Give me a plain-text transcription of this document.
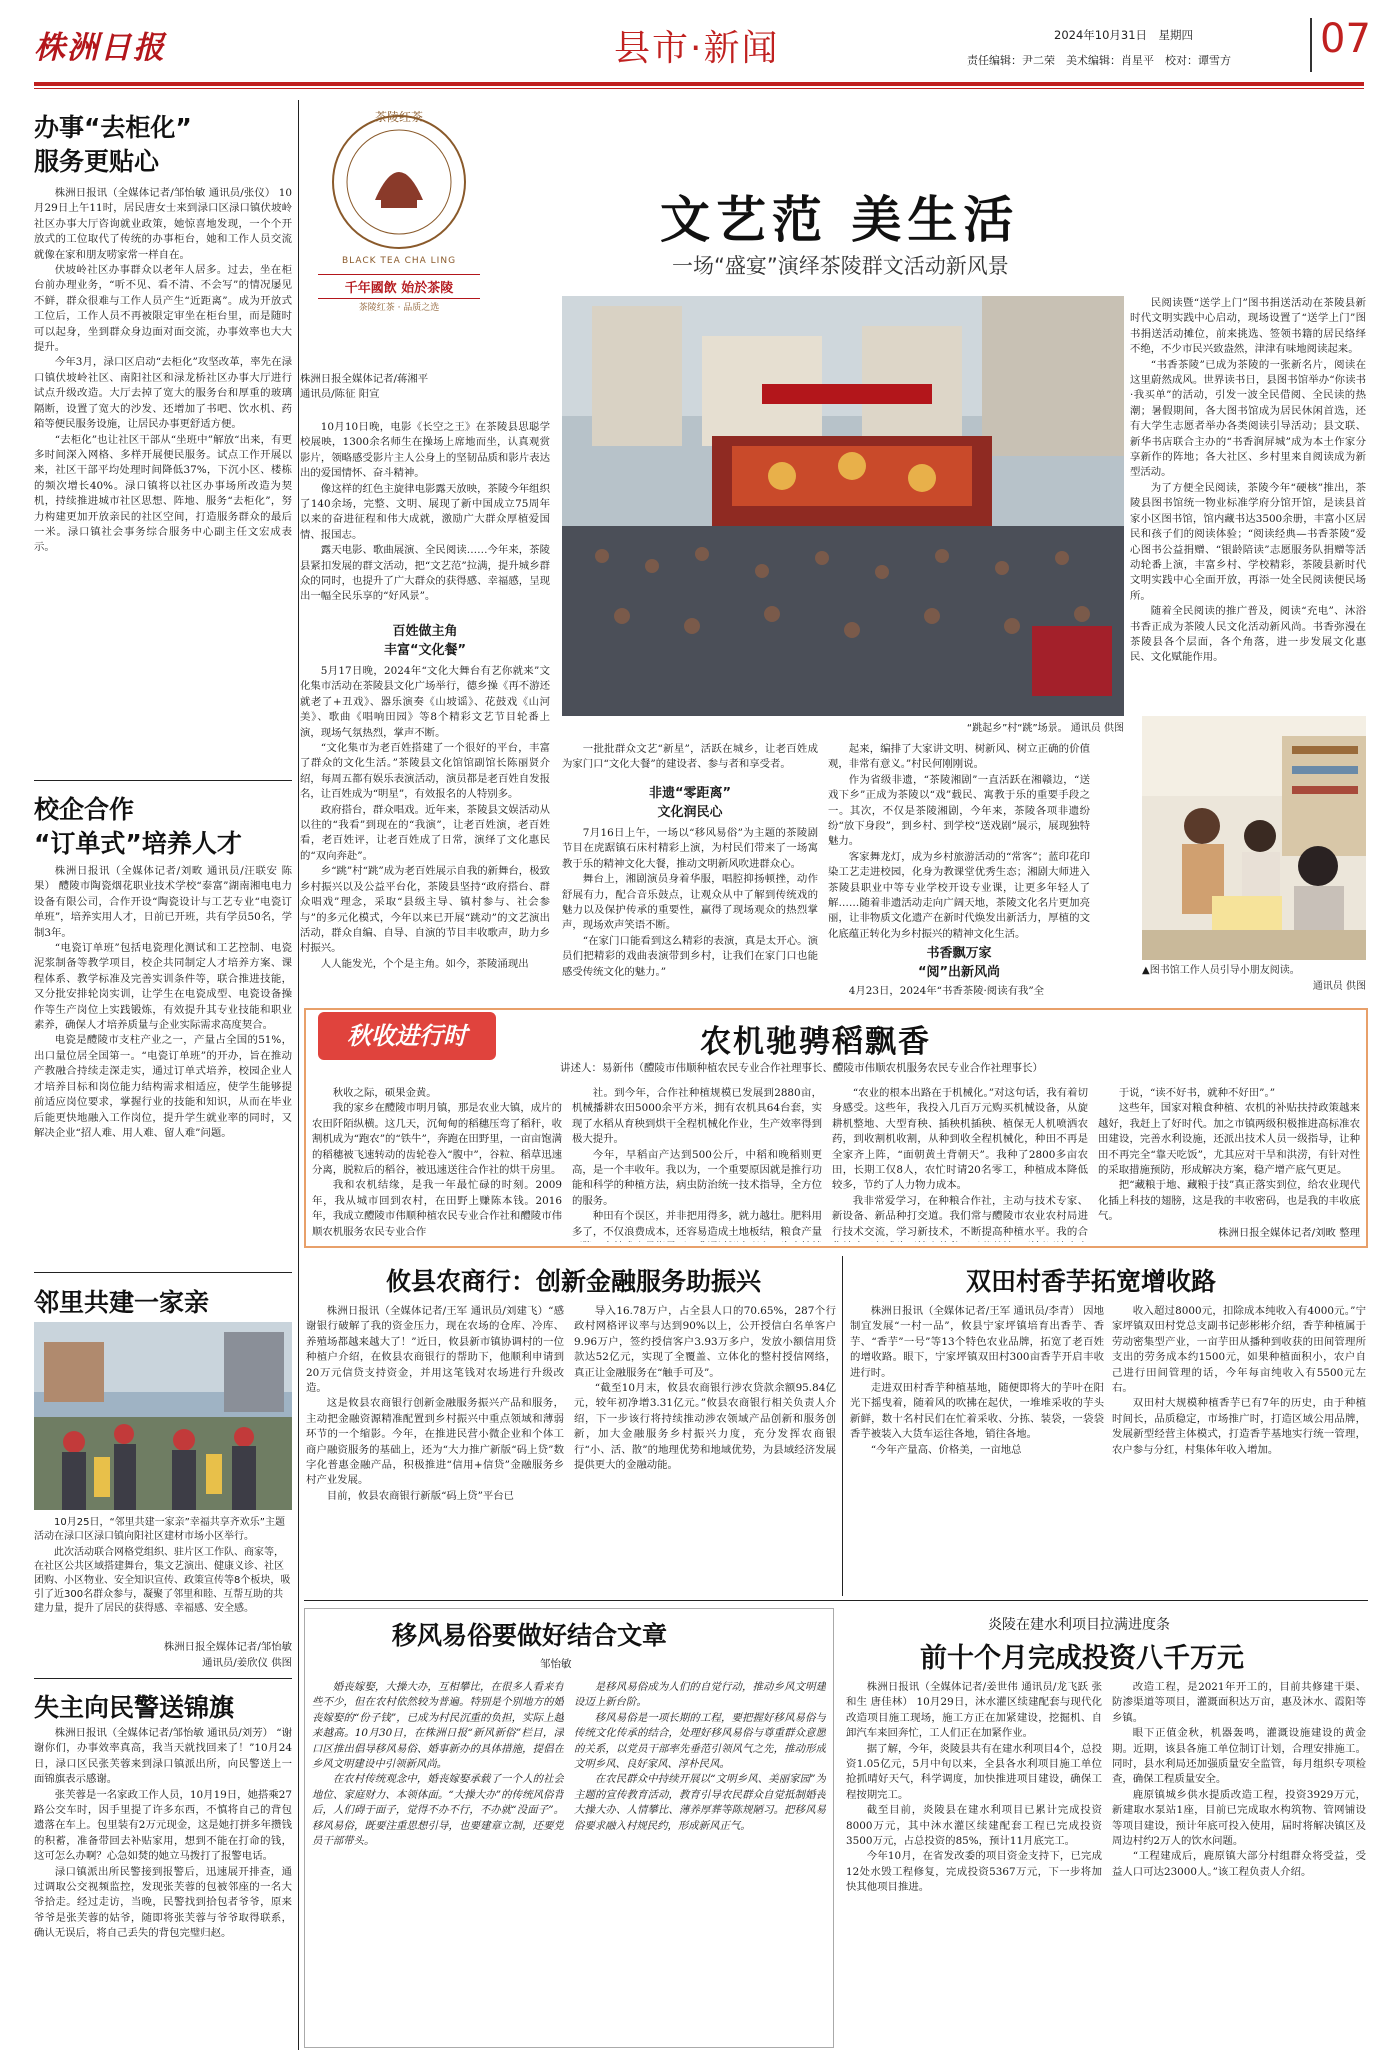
株洲日报	县市·新闻	2024年10月31日　星期四
责任编辑：尹二荣　美术编辑：肖星平　校对：谭雪方 07
办事“去柜化”
服务更贴心

株洲日报讯（全媒体记者/邹怡敏 通讯员/张仪） 10月29日上午11时，居民唐女士来到渌口区渌口镇伏坡岭社区办事大厅咨询就业政策，她惊喜地发现，一个个开放式的工位取代了传统的办事柜台，她和工作人员交流就像在家和朋友唠家常一样自在。

伏坡岭社区办事群众以老年人居多。过去，坐在柜台前办理业务，“听不见、看不清、不会写”的情况屡见不鲜，群众很难与工作人员产生“近距离”。成为开放式工位后，工作人员不再被限定审坐在柜台里，而是随时可以起身，坐到群众身边面对面交流，办事效率也大大提升。

今年3月，渌口区启动“去柜化”攻坚改革，率先在渌口镇伏坡岭社区、南阳社区和渌龙桥社区办事大厅进行试点升级改造。大厅去掉了宽大的服务台和厚重的玻璃隔断，设置了宽大的沙发、还增加了书吧、饮水机、药箱等便民服务设施，让居民办事更舒适方便。

“去柜化”也让社区干部从“坐班中”解放“出来，有更多时间深入网格、多样开展便民服务。试点工作开展以来，社区干部平均处理时间降低37%，下沉小区、楼栋的频次增长40%。渌口镇将以社区办事场所改造为契机，持续推进城市社区思想、阵地、服务“去柜化”，努力构建更加开放亲民的社区空间，打造服务群众的最后一米。渌口镇社会事务综合服务中心副主任文宏成表示。

校企合作
“订单式”培养人才

株洲日报讯（全媒体记者/刘畋 通讯员/汪联安 陈果） 醴陵市陶瓷烟花职业技术学校“泰富”湖南湘电电力设备有限公司，合作开设“陶瓷设计与工艺专业“电瓷订单班”，培养实用人才，日前已开班，共有学员50名，学制3年。

“电瓷订单班”包括电瓷理化测试和工艺控制、电瓷泥浆制备等教学项目，校企共同制定人才培养方案、课程体系、教学标准及完善实训条件等，联合推进技能，又分批安排轮岗实训，让学生在电瓷成型、电瓷设备操作等生产岗位上实践锻炼，有效提升其专业技能和职业素养，确保人才培养质量与企业实际需求高度契合。

电瓷是醴陵市支柱产业之一，产量占全国的51%，出口量位居全国第一。“电瓷订单班”的开办，旨在推动产教融合持续走深走实，通过订单式培养，校园企业人才培养目标和岗位能力结构需求相适应，使学生能够提前适应岗位要求，掌握行业的技能和知识，从而在毕业后能更快地融入工作岗位，提升学生就业率的同时，又解决企业“招人难、用人难、留人难”问题。

邻里共建一家亲
10月25日，“邻里共建一家亲”幸福共享齐欢乐”主题活动在渌口区渌口镇向阳社区建材市场小区举行。
此次活动联合网格党组织、驻片区工作队、商家等，在社区公共区域搭建舞台，集文艺演出、健康义诊、社区团购、小区物业、安全知识宣传、政策宣传等8个板块，吸引了近300名群众参与，凝聚了邻里和睦、互帮互助的共建力量，提升了居民的获得感、幸福感、安全感。
株洲日报全媒体记者/邹怡敏
通讯员/姜欣仪 供图
失主向民警送锦旗

株洲日报讯（全媒体记者/邹怡敏 通讯员/刘芳） “谢谢你们，办事效率真高，我当天就找回来了！”10月24日，渌口区民张芙蓉来到渌口镇派出所，向民警送上一面锦旗表示感谢。

张芙蓉是一名家政工作人员，10月19日，她搭乘27路公交车时，因手里提了许多东西，不慎将自己的背包遗落在车上。包里装有2万元现金，这是她打拼多年攒钱的积蓄，准备带回去补贴家用，想到不能在打命的钱，这可怎么办啊？心急如焚的她立马拨打了报警电话。

渌口镇派出所民警接到报警后，迅速展开排查，通过调取公交视频监控，发现张芙蓉的包被邻座的一名大爷拾走。经过走访，当晚，民警找到拾包者爷爷，原来爷爷是张芙蓉的姑爷，随即将张芙蓉与爷爷取得联系，确认无误后，将自己丢失的背包完璧归赵。

茶陵红茶
BLACK TEA CHA LING
千年國飲 始於茶陵
茶陵红茶 · 品质之选
文艺范 美生活
一场“盛宴”演绎茶陵群文活动新风景
株洲日报全媒体记者/蒋湘平
通讯员/陈征 阳宣

10月10日晚，电影《长空之王》在茶陵县思聪学校展映，1300余名师生在操场上席地而坐，认真观赏影片，领略感受影片主人公身上的坚韧品质和影片表达出的爱国情怀、奋斗精神。

像这样的红色主旋律电影露天放映，茶陵今年组织了140余场，完整、文明、展现了新中国成立75周年以来的奋进征程和伟大成就，激励广大群众厚植爱国情、报国志。

露天电影、歌曲展演、全民阅读……今年来，茶陵县紧扣发展的群文活动，把“文艺范”拉满，提升城乡群众的同时，也提升了广大群众的获得感、幸福感，呈现出一幅全民乐享的“好风景”。

百姓做主角
丰富“文化餐”

5月17日晚，2024年“文化大舞台有艺你就来”文化集市活动在茶陵县文化广场举行，德乡操《再不游还就老了+丑戏》、器乐演奏《山坡谣》、花鼓戏《山河美》、歌曲《唱响田园》等8个精彩文艺节目轮番上演，现场气氛热烈，掌声不断。

“文化集市为老百姓搭建了一个很好的平台，丰富了群众的文化生活。”茶陵县文化馆馆副馆长陈丽贤介绍，每周五都有娱乐表演活动，演员都是老百姓自发报名，让百姓成为“明星”，有效报名的人特别多。

政府搭台，群众唱戏。近年来，茶陵县文娱活动从以往的“我看”到现在的“我演”，让老百姓演，老百姓看，老百姓评，让老百姓成了日常，演绎了文化惠民的“双向奔赴”。

乡“跳”村“跳”成为老百姓展示自我的新舞台，极致乡村振兴以及公益平台化，茶陵县坚持“政府搭台、群众唱戏”理念，采取“县级主导、镇村参与、社会参与”的多元化模式，今年以来已开展“跳动”的文艺演出活动，群众自编、自导、自演的节目丰收歌声，助力乡村振兴。

人人能发光，个个是主角。如今，茶陵涌现出

“跳起乡”村“跳”场景。 通讯员 供图

一批批群众文艺“新星”，活跃在城乡，让老百姓成为家门口“文化大餐”的建设者、参与者和享受者。

非遗“零距离”
文化润民心

7月16日上午，一场以“移风易俗”为主题的茶陵剧节目在虎踞镇石床村精彩上演，为村民们带来了一场寓教于乐的精神文化大餐，推动文明新风吹进群众心。

舞台上，湘剧演员身着华服，唱腔抑扬顿挫，动作舒展有力，配合音乐鼓点，让观众从中了解到传统戏的魅力以及保护传承的重要性，赢得了现场观众的热烈掌声，现场欢声笑语不断。

“在家门口能看到这么精彩的表演，真是太开心。演员们把精彩的戏曲表演带到乡村，让我们在家门口也能感受传统文化的魅力。”

起来，编排了大家讲文明、树新风、树立正确的价值观，非常有意义。”村民何刚刚说。

作为省级非遗，“茶陵湘剧”一直活跃在湘赣边，“送戏下乡”正成为茶陵以“戏”载民、寓教于乐的重要手段之一。其次，不仅是茶陵湘剧，今年来，茶陵各项非遗纷纷“放下身段”，到乡村、到学校“送戏剧”展示，展现独特魅力。

客家舞龙灯，成为乡村旅游活动的“常客”；蓝印花印染工艺走进校园，化身为教课堂优秀生态；湘剧大师进入茶陵县职业中等专业学校开设专业课，让更多年轻人了解……随着非遗活动走向广阔天地，茶陵文化名片更加亮丽，让非物质文化遗产在新时代焕发出新活力，厚植的文化底蕴正转化为乡村振兴的精神文化生活。

书香飘万家
“阅”出新风尚

4月23日，2024年“书香茶陵·阅读有我”全

民阅读暨“送学上门”图书捐送活动在茶陵县新时代文明实践中心启动，现场设置了“送学上门”图书捐送活动摊位，前来挑选、签领书籍的居民络绎不绝，不少市民兴致盎然，津津有味地阅读起来。

“书香茶陵”已成为茶陵的一张新名片，阅读在这里蔚然成风。世界读书日，县图书馆举办“你读书·我买单”的活动，引发一波全民借阅、全民读的热潮；暑假期间，各大图书馆成为居民休闲首选，还有大学生志愿者举办各类阅读引导活动；县文联、新华书店联合主办的“书香润屏城”成为本土作家分享新作的阵地；各大社区、乡村里来自阅读成为新型活动。

为了方便全民阅读，茶陵今年“硬核”推出，茶陵县图书馆统一物业标准学府分馆开馆，是读县首家小区图书馆，馆内藏书达3500余册，丰富小区居民和孩子们的阅读体验；“阅读经典—书香茶陵”爱心图书公益捐赠、“银龄陪读”志愿服务队捐赠等活动轮番上演，丰富乡村、学校精彩，茶陵县新时代文明实践中心全面开放，再添一处全民阅读便民场所。

随着全民阅读的推广普及，阅读“充电”、沐浴书香正成为茶陵人民文化活动新风尚。书香弥漫在茶陵县各个层面，各个角落，进一步发展文化惠民、文化赋能作用。

▲图书馆工作人员引导小朋友阅读。
通讯员 供图
秋收进行时	农机驰骋稻飘香
讲述人：易新伟（醴陵市伟顺种植农民专业合作社理事长、醴陵市伟顺农机服务农民专业合作社理事长）

秋收之际，硕果金黄。

我的家乡在醴陵市明月镇，那是农业大镇，成片的农田阡陌纵横。这几天，沉甸甸的稻穗压弯了稻秆，收割机成为“跑农”的“铁牛”，奔跑在田野里，一亩亩饱满的稻穗被飞速转动的齿轮卷入“腹中”，谷粒、稻草迅速分离，脱粒后的稻谷，被迅速送往合作社的烘干房里。

我和农机结缘，是我一年最忙碌的时刻。2009年，我从城市回到农村，在田野上赚陈本钱。2016年，我成立醴陵市伟顺种植农民专业合作社和醴陵市伟顺农机服务农民专业合作

社。到今年，合作社种植规模已发展到2880亩，机械播耕农田5000余平方米，拥有农机具64台套，实现了水稻从育秧到烘干全程机械化作业，生产效率得到极大提升。

今年，早稻亩产达到500公斤，中稻和晚稻则更高，是一个丰收年。我以为，一个重要原因就是推行功能和科学的种植方法，病虫防治统一技术指导，全方位的服务。

种田有个误区，并非把用得多，就力越壮。肥料用多了，不仅浪费成本，还容易造成土地板结，粮食产量

“农业的根本出路在于机械化。”对这句话，我有着切身感受。这些年，我投入几百万元购买机械设备，从旋耕机整地、大型育秧、插秧机插秧、植保无人机喷洒农药，到收割机收割，从种到收全程机械化，种田不再是全家齐上阵，“面朝黄土背朝天”。我种了2800多亩农田，长期工仅8人，农忙时请20名零工，种植成本降低较多，节约了人力物力成本。

我非常爱学习，在种粮合作社，主动与技术专家、新设备、新品种打交道。我们常与醴陵市农业农村局进行技术交流，学习新技术，不断提高种植水平。我的合

于说，“读不好书，就种不好田”。”

这些年，国家对粮食种植、农机的补贴扶持政策越来越好，我赶上了好时代。加之市镇两级积极推进高标准农田建设，完善水利设施，还派出技术人员一级指导，让种田不再完全“靠天吃饭”，尤其应对干旱和洪涝，有针对性的采取措施预防，形成解决方案，稳产增产底气更足。

把“藏粮于地、藏粮于技”真正落实到位，给农业现代化插上科技的翅膀，这是我的丰收密码，也是我的丰收底气。

株洲日报全媒体记者/刘畋 整理
攸县农商行：创新金融服务助振兴

株洲日报讯（全媒体记者/王军 通讯员/刘建飞）“感谢银行破解了我的资金压力，现在农场的仓库、冷库、养殖场都越来越大了！”近日，攸县新市镇协调村的一位种植户介绍，在攸县农商银行的帮助下，他顺利申请到20万元信贷支持资金，并用这笔钱对农场进行升级改造。

这是攸县农商银行创新金融服务振兴产品和服务，主动把金融资源精准配置到乡村振兴中重点领域和薄弱环节的一个缩影。今年，在推进民营小微企业和个体工商户融资服务的基础上，还为“大力推广新版“码上贷”数字化普惠金融产品，积极推进“信用+信贷”金融服务乡村产业发展。

目前，攸县农商银行新版“码上贷”平台已

导入16.78万户，占全县人口的70.65%，287个行政村网格评议率与达到90%以上，公开授信白名单客户9.96万户，签约授信客户3.93万多户，发放小额信用贷款达52亿元，实现了全覆盖、立体化的整村授信网络，真正让金融服务在“触手可及”。

“截至10月末，攸县农商银行涉农贷款余额95.84亿元，较年初净增3.31亿元。”攸县农商银行相关负责人介绍，下一步该行将持续推动涉农领域产品创新和服务创新，加大金融服务乡村振兴力度，充分发挥农商银行“小、活、散”的地理优势和地域优势，为县域经济发展提供更大的金融动能。

双田村香芋拓宽增收路

株洲日报讯（全媒体记者/王军 通讯员/李青） 因地制宜发展“一村一品”，攸县宁家坪镇培育出香芋、香芋、“香芋”一号”等13个特色农业品牌，拓宽了老百姓的增收路。眼下，宁家坪镇双田村300亩香芋开启丰收进行时。

走进双田村香芋种植基地，随便即将大的芋叶在阳光下摇曳着，随着风的吹拂在起伏，一堆堆采收的芋头新鲜，数十名村民们在忙着采收、分拣、装袋，一袋袋香芋被装入大货车运往各地，销往各地。

“今年产量高、价格美，一亩地总

收入超过8000元，扣除成本纯收入有4000元。”宁家坪镇双田村党总支副书记彭彬彬介绍，香芋种植属于劳动密集型产业，一亩芋田从播种到收获的田间管理所支出的劳务成本约1500元，如果种植面积小，农户自己进行田间管理的话，今年每亩纯收入有5500元左右。

双田村大规模种植香芋已有7年的历史，由于种植时间长，品质稳定，市场推广时，打造区域公用品牌，发展新型经营主体模式，打造香芋基地实行统一管理，农户参与分红，村集体年收入增加。

移风易俗要做好结合文章
邹怡敏

婚丧嫁娶，大操大办，互相攀比，在很多人看来有些不少，但在农村依然较为普遍。特别是个别地方的婚丧嫁娶的“份子钱”，已成为村民沉重的负担，实际上越来越高。10月30日，在株洲日报“新风新俗”栏目，渌口区推出倡导移风易俗、婚事新办的具体措施，提倡在乡风文明建设中引领新风尚。

在农村传统观念中，婚丧嫁娶承载了一个人的社会地位、家庭财力、本领体面。“大操大办”的传统风俗背后，人们碍于面子，觉得不办不行，不办就“没面子”。移风易俗，既要注重思想引导，也要建章立制，还要党员干部带头。

是移风易俗成为人们的自觉行动，推动乡风文明建设迈上新台阶。

移风易俗是一项长期的工程，要把握好移风易俗与传统文化传承的结合，处理好移风易俗与尊重群众意愿的关系，以党员干部率先垂范引领风气之先，推动形成文明乡风、良好家风、淳朴民风。

在农民群众中持续开展以“文明乡风、美丽家园”为主题的宣传教育活动，教育引导农民群众自觉抵制婚丧大操大办、人情攀比、薄养厚葬等陈规陋习。把移风易俗要求融入村规民约，形成新风正气。

炎陵在建水利项目拉满进度条
前十个月完成投资八千万元

株洲日报讯（全媒体记者/姜世伟 通讯员/龙飞跃 张和生 唐佳林） 10月29日，沐水灌区续建配套与现代化改造项目施工现场，施工方正在加紧建设，挖掘机、自卸汽车来回奔忙，工人们正在加紧作业。

据了解，今年，炎陵县共有在建水利项目4个，总投资1.05亿元，5月中旬以来，全县各水利项目施工单位抢抓晴好天气，科学调度，加快推进项目建设，确保工程按期完工。

截至目前，炎陵县在建水利项目已累计完成投资8000万元，其中沐水灌区续建配套工程已完成投资3500万元，占总投资的85%，预计11月底完工。

今年10月，在省发改委的项目资金支持下，已完成12处水毁工程修复，完成投资5367万元，下一步将加快其他项目推进。

改造工程，是2021年开工的，目前共修建干渠、防渗渠道等项目，灌溉面积达万亩，惠及沐水、霞阳等乡镇。

眼下正值金秋，机器轰鸣，灌溉设施建设的黄金期。近期，该县各施工单位制订计划，合理安排施工。同时，县水利局还加强质量安全监管，每月组织专项检查，确保工程质量安全。

鹿原镇城乡供水提质改造工程，投资3929万元，新建取水泵站1座，目前已完成取水构筑物、管网铺设等项目建设，预计年底可投入使用，届时将解决镇区及周边村约2万人的饮水问题。

“工程建成后，鹿原镇大部分村组群众将受益，受益人口可达23000人。”该工程负责人介绍。
